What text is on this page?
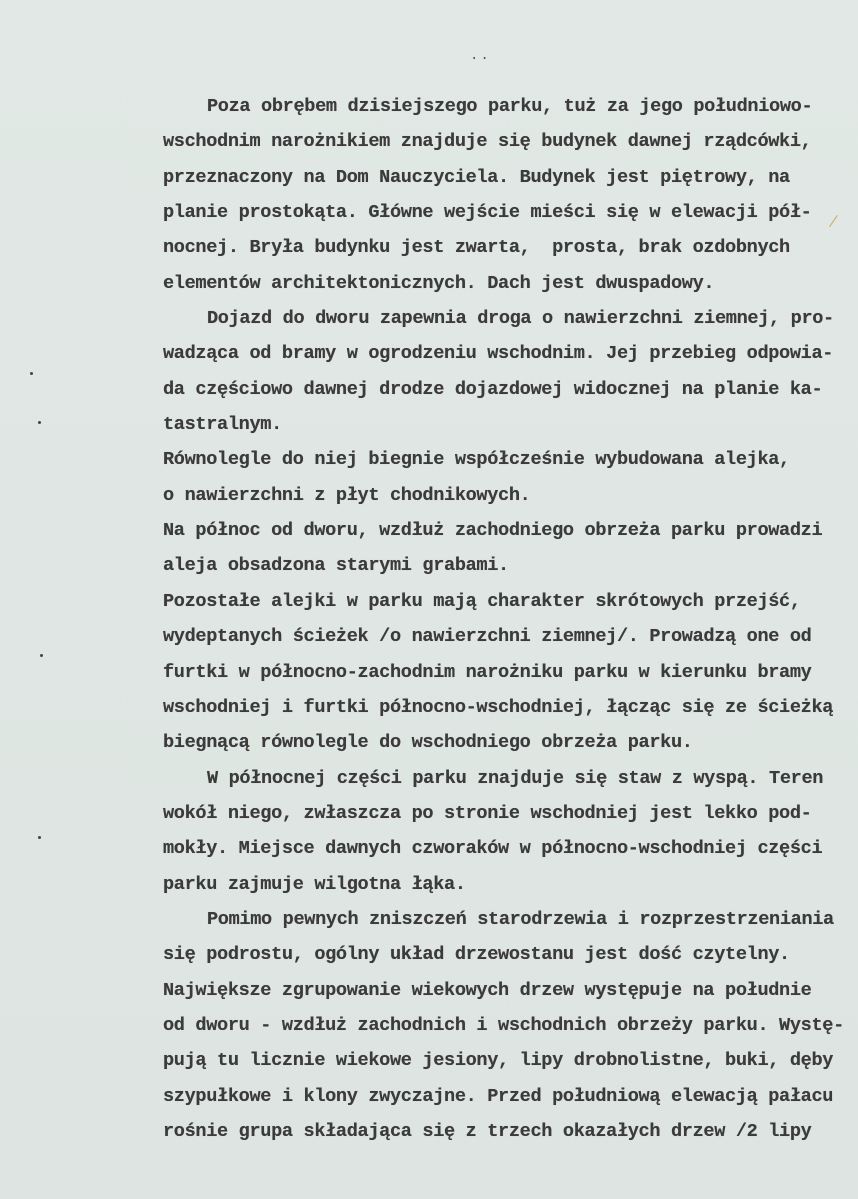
..
Poza obrębem dzisiejszego parku, tuż za jego południowo-
wschodnim narożnikiem znajduje się budynek dawnej rządcówki,
przeznaczony na Dom Nauczyciela. Budynek jest piętrowy, na
planie prostokąta. Główne wejście mieści się w elewacji pół-
nocnej. Bryła budynku jest zwarta,  prosta, brak ozdobnych
elementów architektonicznych. Dach jest dwuspadowy.
Dojazd do dworu zapewnia droga o nawierzchni ziemnej, pro-
wadząca od bramy w ogrodzeniu wschodnim. Jej przebieg odpowia-
da częściowo dawnej drodze dojazdowej widocznej na planie ka-
tastralnym.
Równolegle do niej biegnie współcześnie wybudowana alejka,
o nawierzchni z płyt chodnikowych.
Na północ od dworu, wzdłuż zachodniego obrzeża parku prowadzi
aleja obsadzona starymi grabami.
Pozostałe alejki w parku mają charakter skrótowych przejść,
wydeptanych ścieżek /o nawierzchni ziemnej/. Prowadzą one od
furtki w północno-zachodnim narożniku parku w kierunku bramy
wschodniej i furtki północno-wschodniej, łącząc się ze ścieżką
biegnącą równolegle do wschodniego obrzeża parku.
W północnej części parku znajduje się staw z wyspą. Teren
wokół niego, zwłaszcza po stronie wschodniej jest lekko pod-
mokły. Miejsce dawnych czworaków w północno-wschodniej części
parku zajmuje wilgotna łąka.
Pomimo pewnych zniszczeń starodrzewia i rozprzestrzeniania
się podrostu, ogólny układ drzewostanu jest dość czytelny.
Największe zgrupowanie wiekowych drzew występuje na południe
od dworu - wzdłuż zachodnich i wschodnich obrzeży parku. Wystę-
pują tu licznie wiekowe jesiony, lipy drobnolistne, buki, dęby
szypułkowe i klony zwyczajne. Przed południową elewacją pałacu
rośnie grupa składająca się z trzech okazałych drzew /2 lipy
